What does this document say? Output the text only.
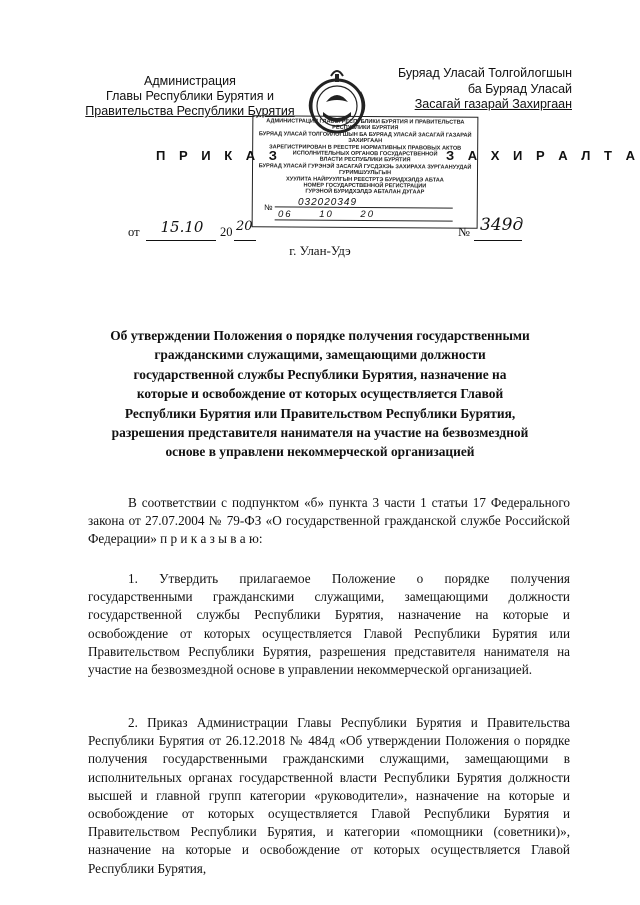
Администрация
Главы Республики Бурятия и
Правительства Республики Бурятия
Буряад Уласай Толгойлогшын
ба Буряад Уласай
Засагай газарай Захиргаан
АДМИНИСТРАЦИЯ ГЛАВЫ РЕСПУБЛИКИ БУРЯТИЯ И ПРАВИТЕЛЬСТВА РЕСПУБЛИКИ БУРЯТИЯ
БУРЯАД УЛАСАЙ ТОЛГОЙЛОГШЫН БА БУРЯАД УЛАСАЙ ЗАСАГАЙ ГАЗАРАЙ ЗАХИРГААН
ЗАРЕГИСТРИРОВАН В РЕЕСТРЕ НОРМАТИВНЫХ ПРАВОВЫХ АКТОВ
ИСПОЛНИТЕЛЬНЫХ ОРГАНОВ ГОСУДАРСТВЕННОЙ
ВЛАСТИ РЕСПУБЛИКИ БУРЯТИЯ
БУРЯАД УЛАСАЙ ГУРЭНЭЙ ЗАСАГАЙ ГУСДЭХЭЬ ЗАХИРАХА ЗУРГААНУУДАЙ ГУРИМШУУЛЬГЫН
ХУУЛИТА НАЙРУУЛГЫН РЕЕСТРТЭ БУРИДХЭЛДЭ АБТАА
НОМЕР ГОСУДАРСТВЕННОЙ РЕГИСТРАЦИИ
ГУРЭНОЙ БУРИДХЭЛДЭ АБТАЛАН ДУГААР
№	032020349
06 10 20
П Р И К А З	З А Х И Р А Л Т А
от	15.10	20 20	№ 349д
г. Улан-Удэ
Об утверждении Положения о порядке получения государственными гражданскими служащими, замещающими должности государственной службы Республики Бурятия, назначение на которые и освобождение от которых осуществляется Главой Республики Бурятия или Правительством Республики Бурятия, разрешения представителя нанимателя на участие на безвозмездной основе в управлени некоммерческой организацией
В соответствии с подпунктом «б» пункта 3 части 1 статьи 17 Федерального закона от 27.07.2004 № 79-ФЗ «О государственной гражданской службе Российской Федерации» п р и к а з ы в а ю:
1. Утвердить прилагаемое Положение о порядке получения государственными гражданскими служащими, замещающими должности государственной службы Республики Бурятия, назначение на которые и освобождение от которых осуществляется Главой Республики Бурятия или Правительством Республики Бурятия, разрешения представителя нанимателя на участие на безвозмездной основе в управлении некоммерческой организацией.
2. Приказ Администрации Главы Республики Бурятия и Правительства Республики Бурятия от 26.12.2018 № 484д «Об утверждении Положения о порядке получения государственными гражданскими служащими, замещающими в исполнительных органах государственной власти Республики Бурятия должности высшей и главной групп категории «руководители», назначение на которые и освобождение от которых осуществляется Главой Республики Бурятия и Правительством Республики Бурятия, и категории «помощники (советники)», назначение на которые и освобождение от которых осуществляется Главой Республики Бурятия,
